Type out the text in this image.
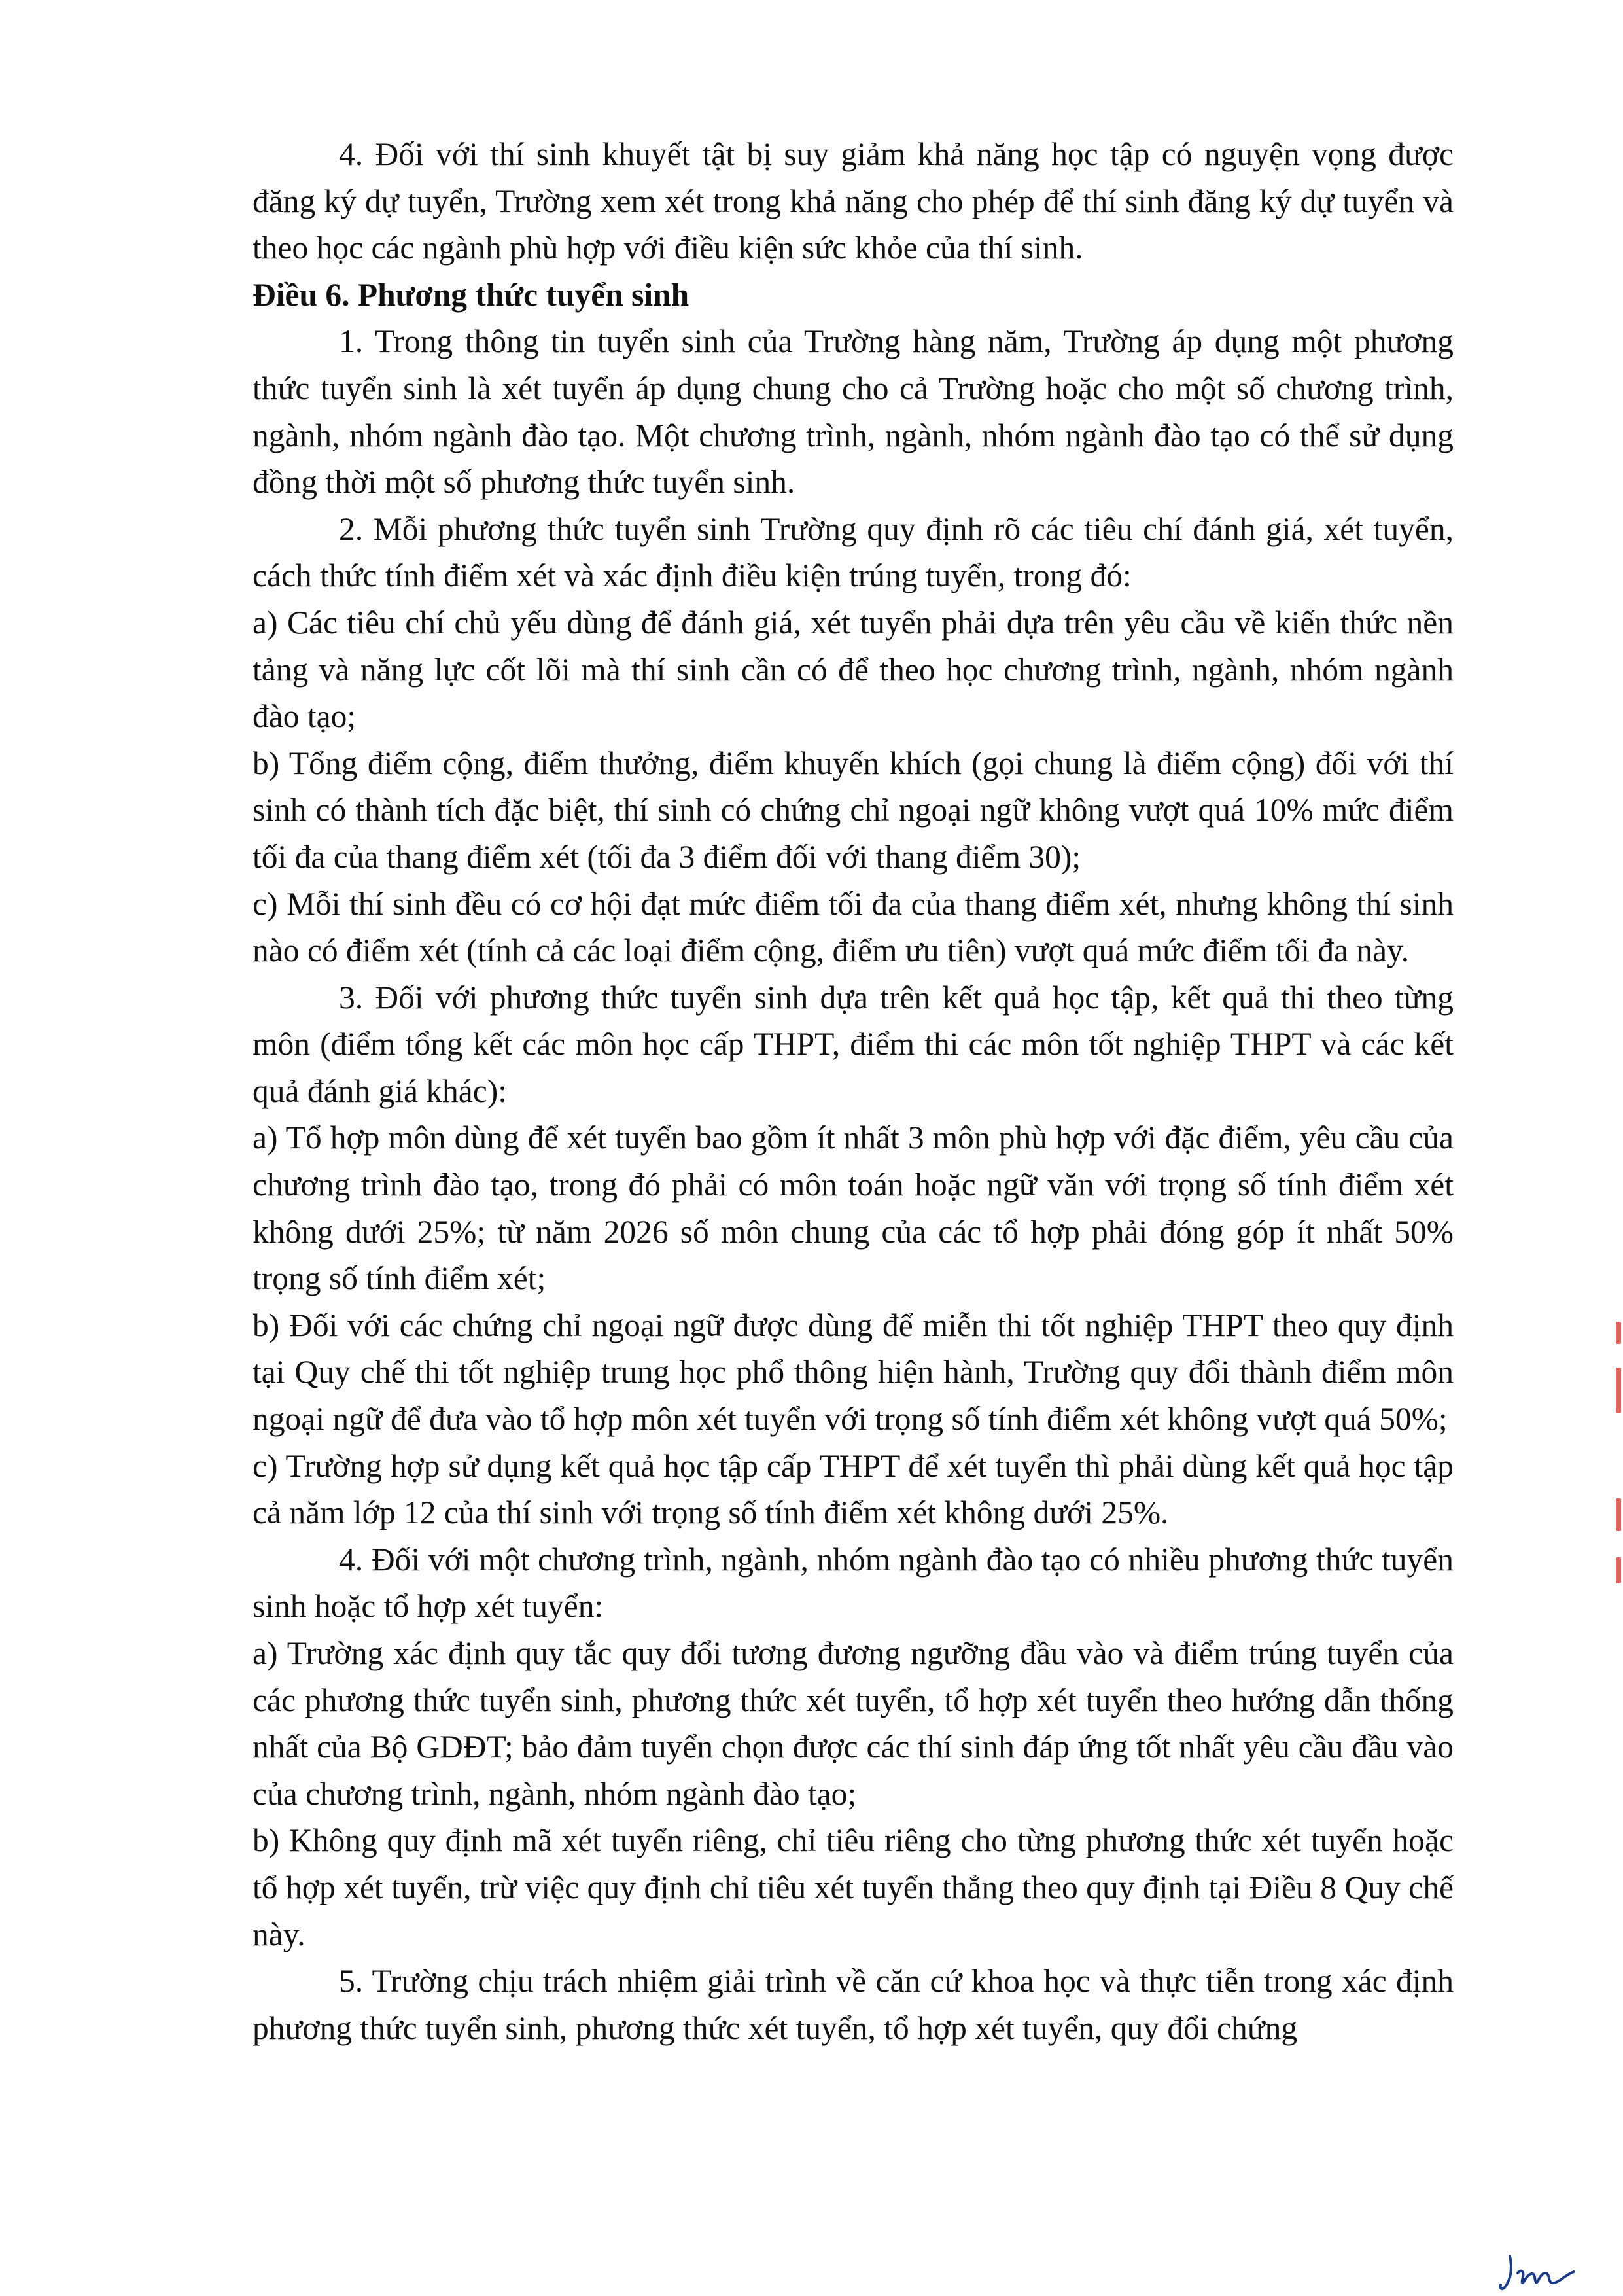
4. Đối với thí sinh khuyết tật bị suy giảm khả năng học tập có nguyện vọng được đăng ký dự tuyển, Trường xem xét trong khả năng cho phép để thí sinh đăng ký dự tuyển và theo học các ngành phù hợp với điều kiện sức khỏe của thí sinh.

Điều 6. Phương thức tuyển sinh

1. Trong thông tin tuyển sinh của Trường hàng năm, Trường áp dụng một phương thức tuyển sinh là xét tuyển áp dụng chung cho cả Trường hoặc cho một số chương trình, ngành, nhóm ngành đào tạo. Một chương trình, ngành, nhóm ngành đào tạo có thể sử dụng đồng thời một số phương thức tuyển sinh.

2. Mỗi phương thức tuyển sinh Trường quy định rõ các tiêu chí đánh giá, xét tuyển, cách thức tính điểm xét và xác định điều kiện trúng tuyển, trong đó:

a) Các tiêu chí chủ yếu dùng để đánh giá, xét tuyển phải dựa trên yêu cầu về kiến thức nền tảng và năng lực cốt lõi mà thí sinh cần có để theo học chương trình, ngành, nhóm ngành đào tạo;

b) Tổng điểm cộng, điểm thưởng, điểm khuyến khích (gọi chung là điểm cộng) đối với thí sinh có thành tích đặc biệt, thí sinh có chứng chỉ ngoại ngữ không vượt quá 10% mức điểm tối đa của thang điểm xét (tối đa 3 điểm đối với thang điểm 30);

c) Mỗi thí sinh đều có cơ hội đạt mức điểm tối đa của thang điểm xét, nhưng không thí sinh nào có điểm xét (tính cả các loại điểm cộng, điểm ưu tiên) vượt quá mức điểm tối đa này.

3. Đối với phương thức tuyển sinh dựa trên kết quả học tập, kết quả thi theo từng môn (điểm tổng kết các môn học cấp THPT, điểm thi các môn tốt nghiệp THPT và các kết quả đánh giá khác):

a) Tổ hợp môn dùng để xét tuyển bao gồm ít nhất 3 môn phù hợp với đặc điểm, yêu cầu của chương trình đào tạo, trong đó phải có môn toán hoặc ngữ văn với trọng số tính điểm xét không dưới 25%; từ năm 2026 số môn chung của các tổ hợp phải đóng góp ít nhất 50% trọng số tính điểm xét;

b) Đối với các chứng chỉ ngoại ngữ được dùng để miễn thi tốt nghiệp THPT theo quy định tại Quy chế thi tốt nghiệp trung học phổ thông hiện hành, Trường quy đổi thành điểm môn ngoại ngữ để đưa vào tổ hợp môn xét tuyển với trọng số tính điểm xét không vượt quá 50%;

c) Trường hợp sử dụng kết quả học tập cấp THPT để xét tuyển thì phải dùng kết quả học tập cả năm lớp 12 của thí sinh với trọng số tính điểm xét không dưới 25%.

4. Đối với một chương trình, ngành, nhóm ngành đào tạo có nhiều phương thức tuyển sinh hoặc tổ hợp xét tuyển:

a) Trường xác định quy tắc quy đổi tương đương ngưỡng đầu vào và điểm trúng tuyển của các phương thức tuyển sinh, phương thức xét tuyển, tổ hợp xét tuyển theo hướng dẫn thống nhất của Bộ GDĐT; bảo đảm tuyển chọn được các thí sinh đáp ứng tốt nhất yêu cầu đầu vào của chương trình, ngành, nhóm ngành đào tạo;

b) Không quy định mã xét tuyển riêng, chỉ tiêu riêng cho từng phương thức xét tuyển hoặc tổ hợp xét tuyển, trừ việc quy định chỉ tiêu xét tuyển thẳng theo quy định tại Điều 8 Quy chế này.

5. Trường chịu trách nhiệm giải trình về căn cứ khoa học và thực tiễn trong xác định phương thức tuyển sinh, phương thức xét tuyển, tổ hợp xét tuyển, quy đổi chứng
